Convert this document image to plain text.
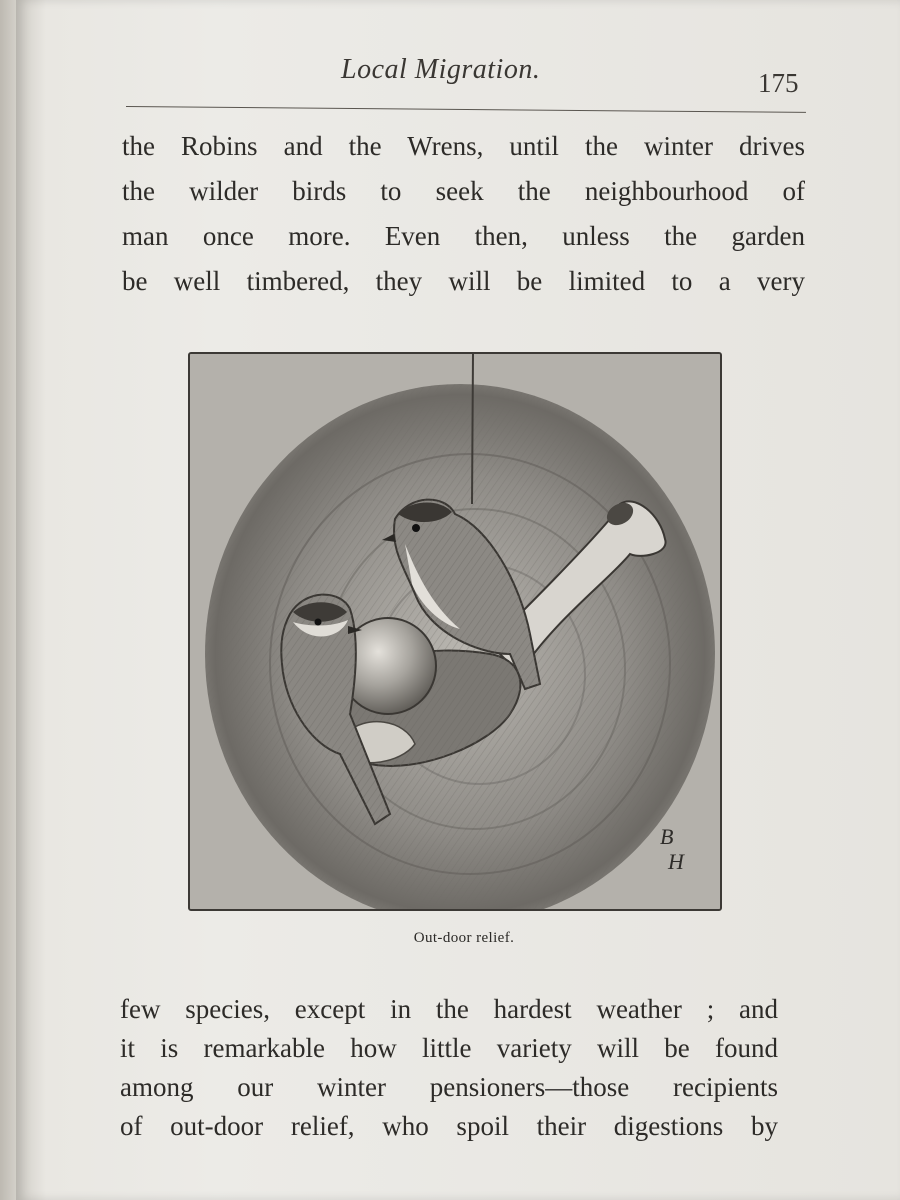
Local Migration.	175

the Robins and the Wrens, until the winter drives
the wilder birds to seek the neighbourhood of
man once more. Even then, unless the garden
be well timbered, they will be limited to a very

B
H
Out-door relief.

few species, except in the hardest weather ; and
it is remarkable how little variety will be found
among our winter pensioners—those recipients
of out-door relief, who spoil their digestions by
